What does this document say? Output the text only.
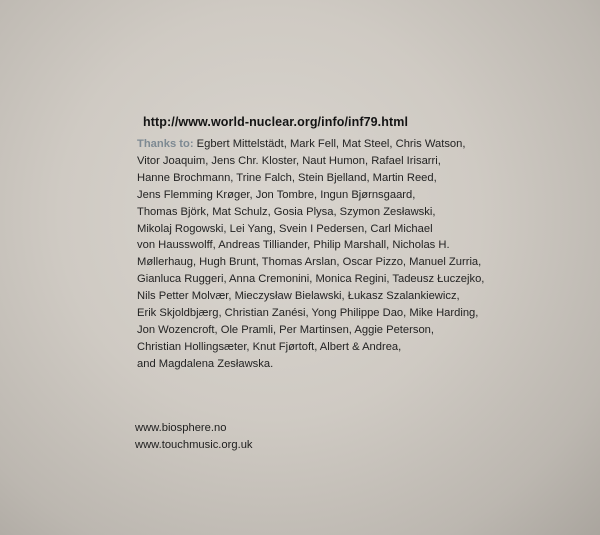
http://www.world-nuclear.org/info/inf79.html
Thanks to: Egbert Mittelstädt, Mark Fell, Mat Steel, Chris Watson,
Vitor Joaquim, Jens Chr. Kloster, Naut Humon, Rafael Irisarri,
Hanne Brochmann, Trine Falch, Stein Bjelland, Martin Reed,
Jens Flemming Krøger, Jon Tombre, Ingun Bjørnsgaard,
Thomas Björk, Mat Schulz, Gosia Plysa, Szymon Zesławski,
Mikolaj Rogowski, Lei Yang, Svein I Pedersen, Carl Michael
von Hausswolff, Andreas Tilliander, Philip Marshall, Nicholas H.
Møllerhaug, Hugh Brunt, Thomas Arslan, Oscar Pizzo, Manuel Zurria,
Gianluca Ruggeri, Anna Cremonini, Monica Regini, Tadeusz Łuczejko,
Nils Petter Molvær, Mieczysław Bielawski, Łukasz Szalankiewicz,
Erik Skjoldbjærg, Christian Zanési, Yong Philippe Dao, Mike Harding,
Jon Wozencroft, Ole Pramli, Per Martinsen, Aggie Peterson,
Christian Hollingsæter, Knut Fjørtoft, Albert & Andrea,
and Magdalena Zesławska.
www.biosphere.no
www.touchmusic.org.uk
